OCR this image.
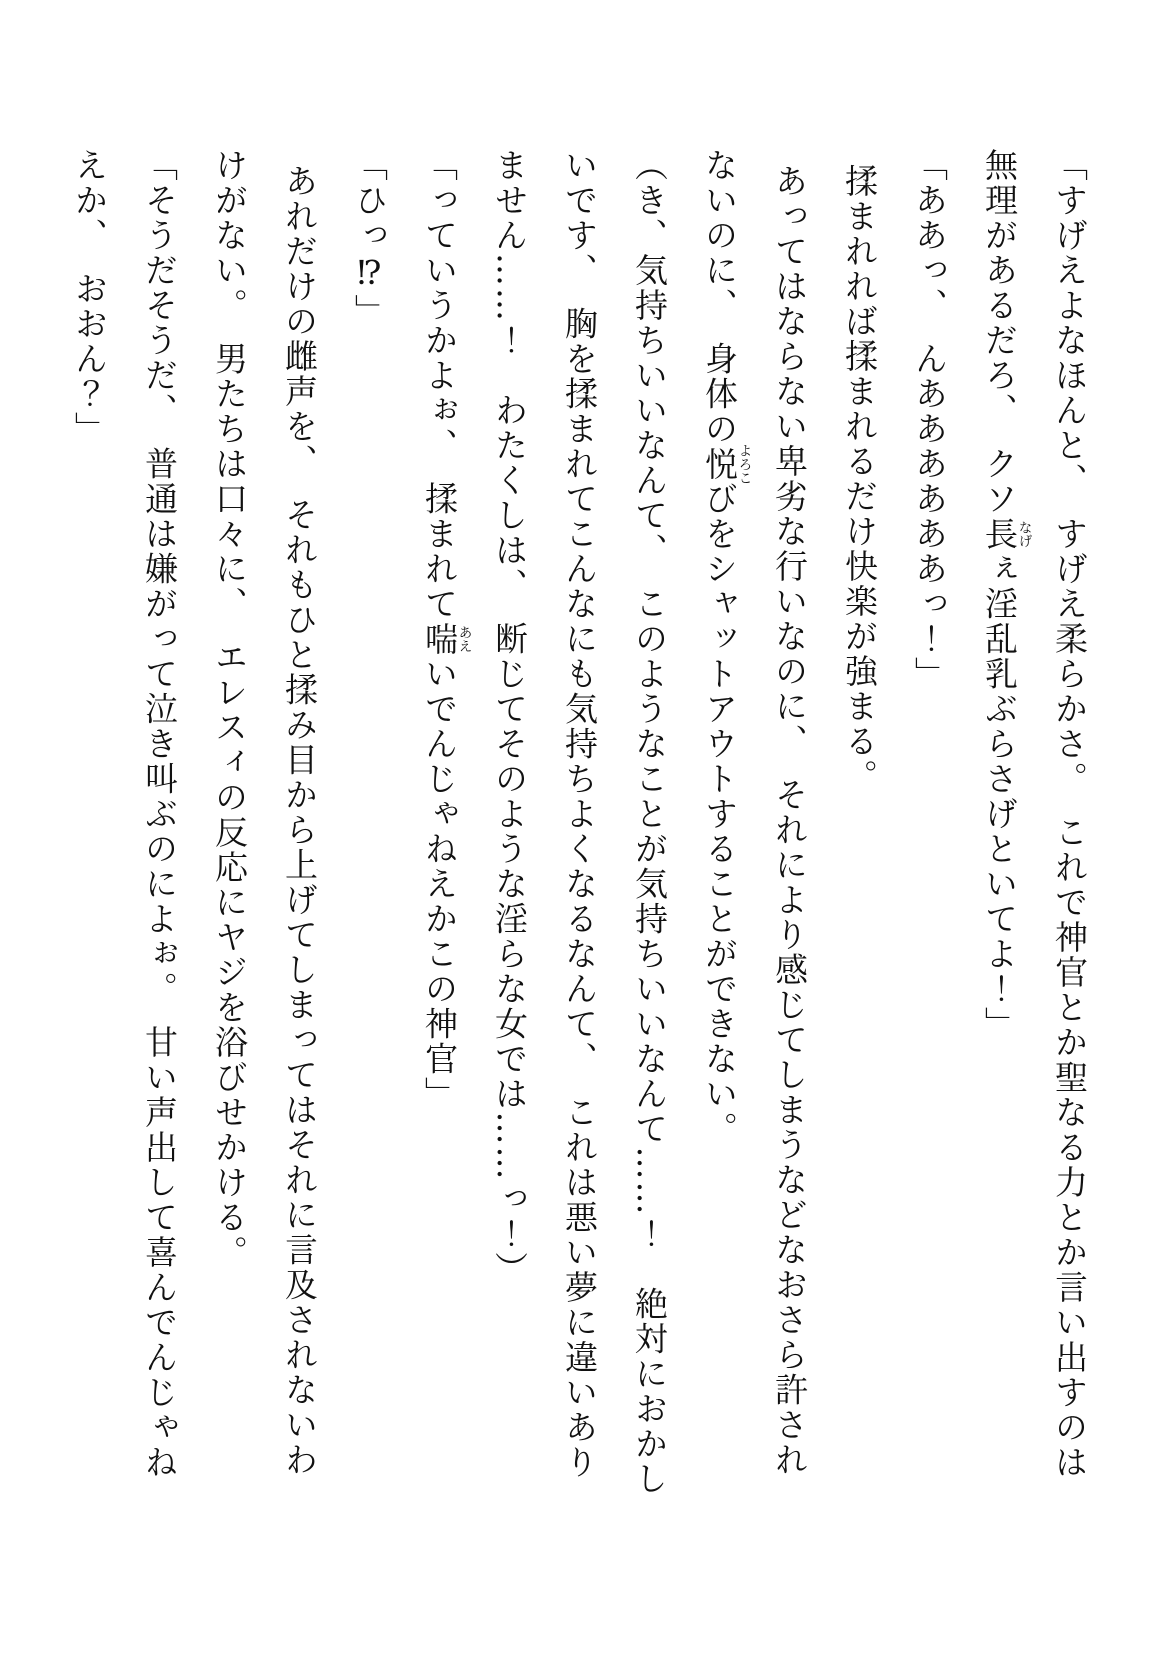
「すげえよなほんと、　すげえ柔らかさ。　これで神官とか聖なる力とか言い出すのは無理があるだろ、　クソ長なげぇ淫乱乳ぶらさげといてよ！」

「ああっ、　んああああああっ！」

揉まれれば揉まれるだけ快楽が強まる。

あってはならない卑劣な行いなのに、　それにより感じてしまうなどなおさら許されないのに、　身体の悦よろこびをシャットアウトすることができない。

（き、気持ちいいなんて、　このようなことが気持ちいいなんて……！　絶対におかしいです、　胸を揉まれてこんなにも気持ちよくなるなんて、　これは悪い夢に違いありません……！　わたくしは、　断じてそのような淫らな女では……っ！）

「っていうかよぉ、　揉まれて喘あえいでんじゃねえかこの神官」

「ひっ⁉」

あれだけの雌声を、　それもひと揉み目から上げてしまってはそれに言及されないわけがない。　男たちは口々に、　エレスィの反応にヤジを浴びせかける。

「そうだそうだ、　普通は嫌がって泣き叫ぶのによぉ。　甘い声出して喜んでんじゃねえか、　おおん？」
